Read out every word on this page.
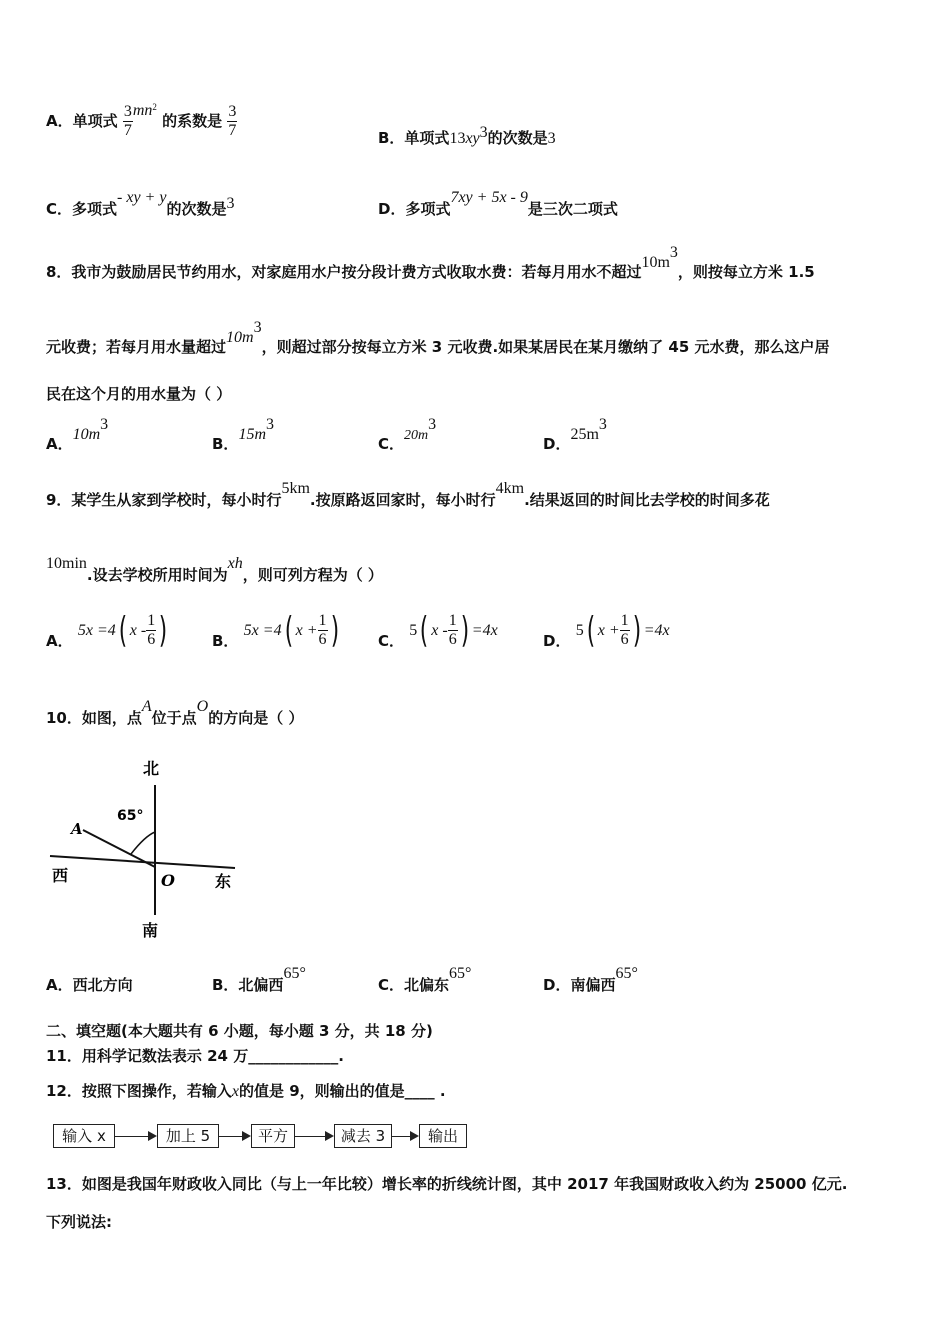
A．单项式 $\frac{3}{7} mn2$ 的系数是 $\frac{3}{7}$	B．单项式$13xy^3$的次数是3
C．多项式- xy + y的次数是3	D．多项式7xy + 5x - 9是三次二项式
8．我市为鼓励居民节约用水，对家庭用水户按分段计费方式收取水费：若每月用水不超过$10m^3$，则按每立方米 1.5
元收费；若每月用水量超过$10m^3$，则超过部分按每立方米 3 元收费.如果某居民在某月缴纳了 45 元水费，那么这户居
民在这个月的用水量为（ ）
A．$10m^3$
B．$15m^3$
C．$20m^3$
D．$25m^3$
9．某学生从家到学校时，每小时行5km.按原路返回家时，每小时行4km.结果返回的时间比去学校的时间多花
10min.设去学校所用时间为xh，则可列方程为（ ）
A． 5x =4( x - $\frac{1}{6}$ )	B． 5x =4( $x + \frac{1}{6}$ )	C． 5( x - $\frac{1}{6}$ ) =4x
D． 5( $x + \frac{1}{6}$ ) =4x
10．如图，点A位于点O的方向是（ ）
北
南
西	东
65°
A
O
A．西北方向	B．北偏西65°
C．北偏东65°
D．南偏西65°
二、填空题(本大题共有 6 小题，每小题 3 分，共 18 分)
11．用科学记数法表示 24 万____________.
12．按照下图操作，若输入x的值是 9，则输出的值是____ .
输入 x	加上 5	平方	减去 3	输出
13．如图是我国年财政收入同比（与上一年比较）增长率的折线统计图，其中 2017 年我国财政收入约为 25000 亿元.
下列说法:
